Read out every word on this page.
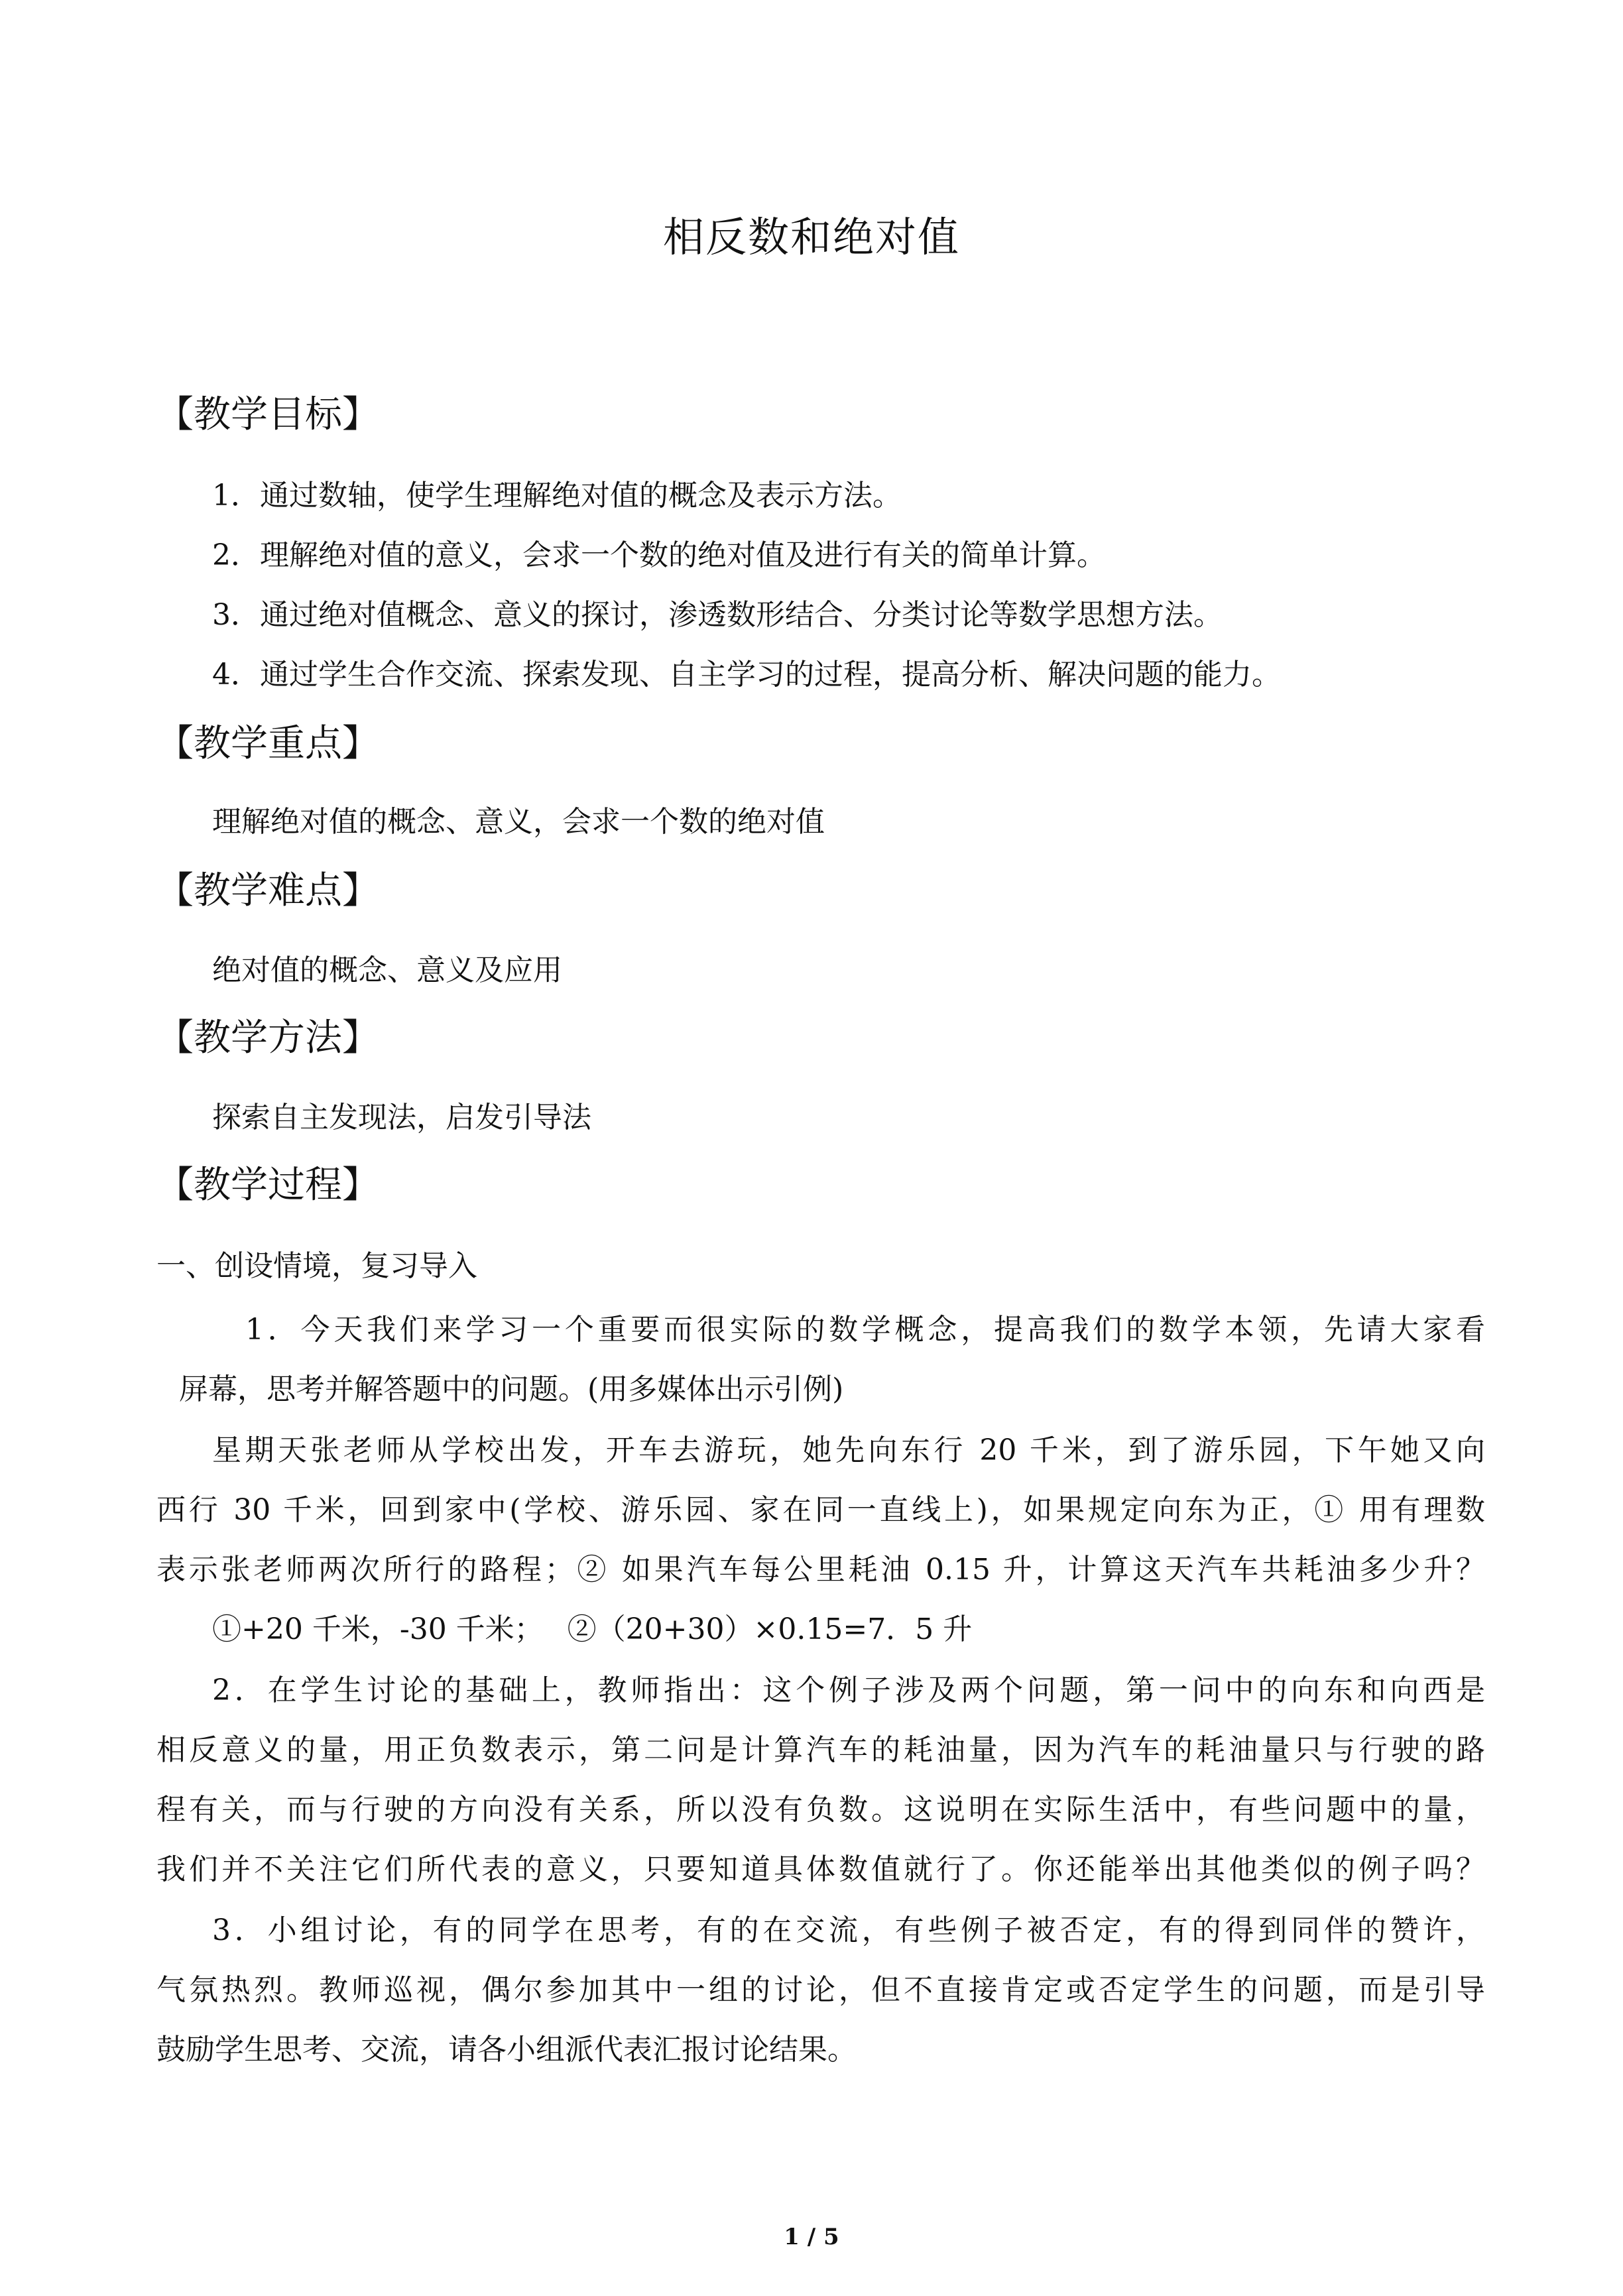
相反数和绝对值
【教学目标】
1．通过数轴，使学生理解绝对值的概念及表示方法。
2．理解绝对值的意义，会求一个数的绝对值及进行有关的简单计算。
3．通过绝对值概念、意义的探讨，渗透数形结合、分类讨论等数学思想方法。
4．通过学生合作交流、探索发现、自主学习的过程，提高分析、解决问题的能力。
【教学重点】
理解绝对值的概念、意义，会求一个数的绝对值
【教学难点】
绝对值的概念、意义及应用
【教学方法】
探索自主发现法，启发引导法
【教学过程】
一、创设情境，复习导入
1．今天我们来学习一个重要而很实际的数学概念，提高我们的数学本领，先请大家看
屏幕，思考并解答题中的问题。(用多媒体出示引例)
星期天张老师从学校出发，开车去游玩，她先向东行 20 千米，到了游乐园，下午她又向
西行 30 千米，回到家中(学校、游乐园、家在同一直线上)，如果规定向东为正，① 用有理数
表示张老师两次所行的路程；② 如果汽车每公里耗油 0.15 升，计算这天汽车共耗油多少升？
①+20 千米，-30 千米；　 ②（20+30）×0.15=7．5 升
2．在学生讨论的基础上，教师指出：这个例子涉及两个问题，第一问中的向东和向西是
相反意义的量，用正负数表示，第二问是计算汽车的耗油量，因为汽车的耗油量只与行驶的路
程有关，而与行驶的方向没有关系，所以没有负数。这说明在实际生活中，有些问题中的量，
我们并不关注它们所代表的意义，只要知道具体数值就行了。你还能举出其他类似的例子吗？
3．小组讨论，有的同学在思考，有的在交流，有些例子被否定，有的得到同伴的赞许，
气氛热烈。教师巡视，偶尔参加其中一组的讨论，但不直接肯定或否定学生的问题，而是引导
鼓励学生思考、交流，请各小组派代表汇报讨论结果。
1 / 5
